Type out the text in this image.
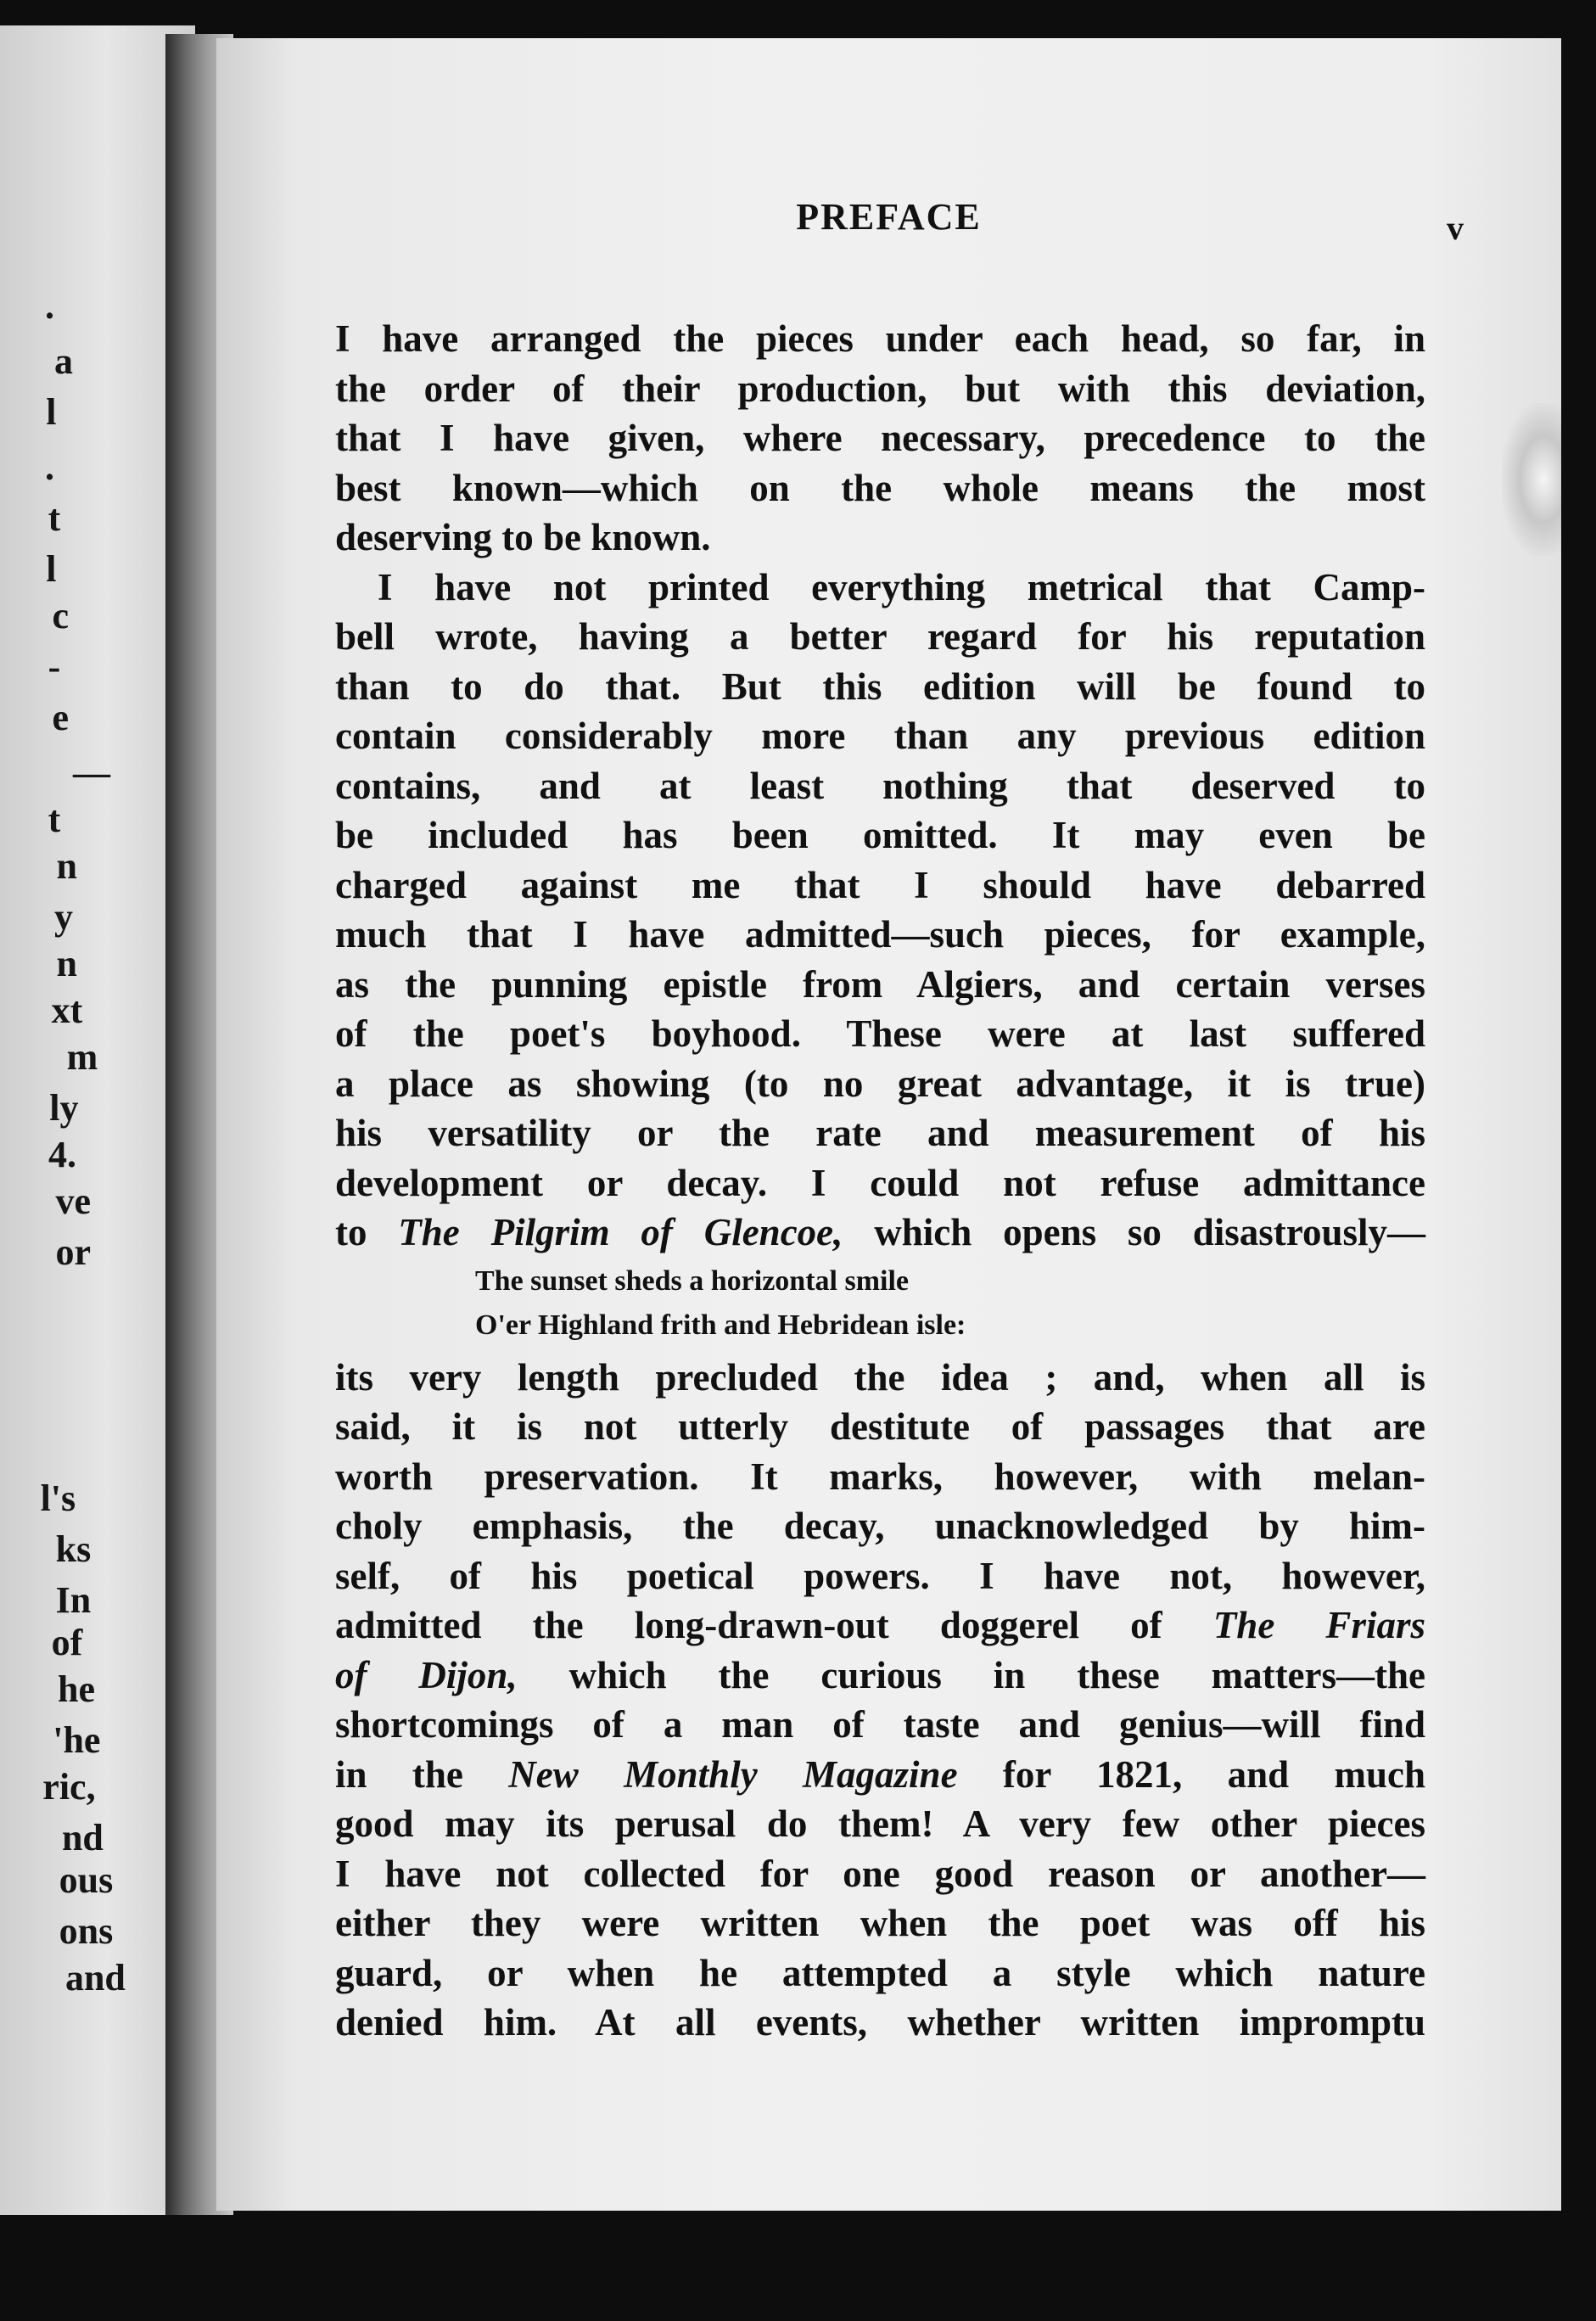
.
a
l
.
t
l
c
-
e
—
t
n
y
n
xt
m
ly
4.
ve
or
l's
ks
In
of
he
'he
ric,
nd
ous
ons
and
PREFACE	v
I have arranged the pieces under each head, so far, in
the order of their production, but with this deviation,
that I have given, where necessary, precedence to the
best known—which on the whole means the most
deserving to be known.
I have not printed everything metrical that Camp-
bell wrote, having a better regard for his reputation
than to do that. But this edition will be found to
contain considerably more than any previous edition
contains, and at least nothing that deserved to
be included has been omitted. It may even be
charged against me that I should have debarred
much that I have admitted—such pieces, for example,
as the punning epistle from Algiers, and certain verses
of the poet's boyhood. These were at last suffered
a place as showing (to no great advantage, it is true)
his versatility or the rate and measurement of his
development or decay. I could not refuse admittance
to The Pilgrim of Glencoe, which opens so disastrously—
The sunset sheds a horizontal smile
O'er Highland frith and Hebridean isle:
its very length precluded the idea ; and, when all is
said, it is not utterly destitute of passages that are
worth preservation. It marks, however, with melan-
choly emphasis, the decay, unacknowledged by him-
self, of his poetical powers. I have not, however,
admitted the long-drawn-out doggerel of The Friars
of Dijon, which the curious in these matters—the
shortcomings of a man of taste and genius—will find
in the New Monthly Magazine for 1821, and much
good may its perusal do them! A very few other pieces
I have not collected for one good reason or another—
either they were written when the poet was off his
guard, or when he attempted a style which nature
denied him. At all events, whether written impromptu
